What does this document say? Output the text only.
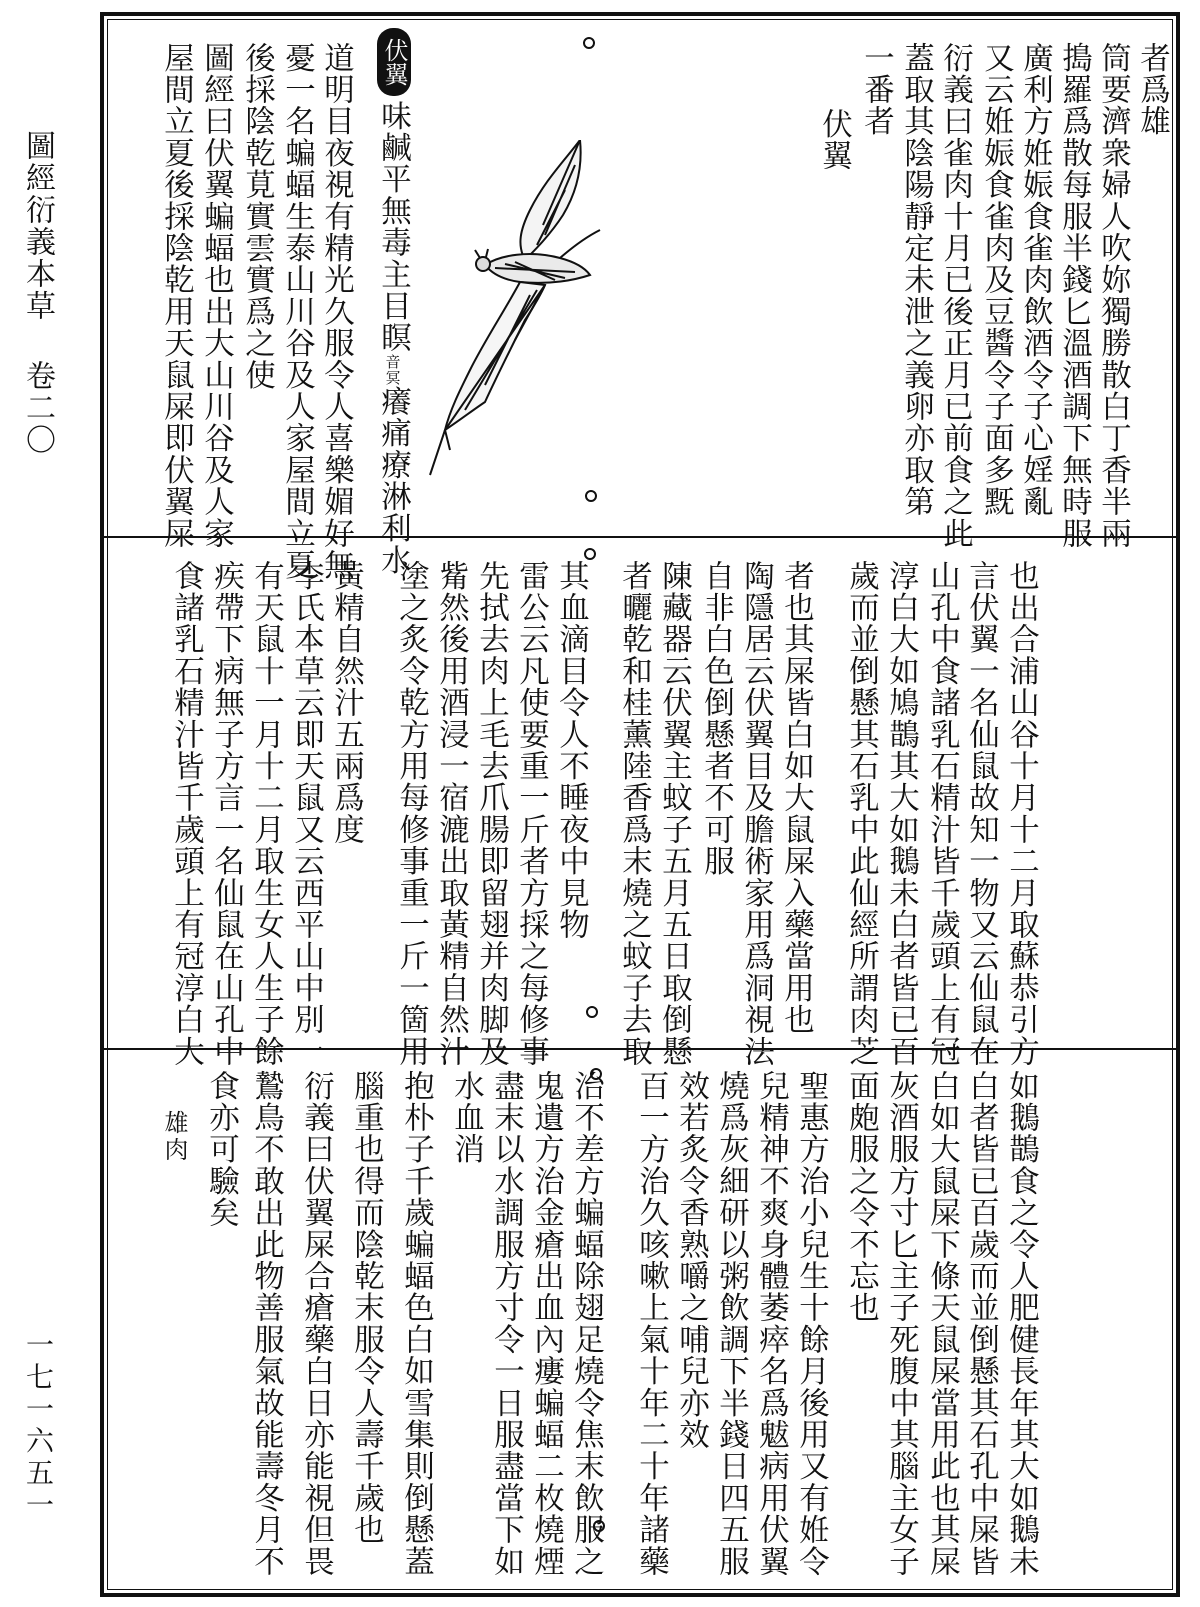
圖經衍義本草
卷二〇
一七一六五一
者爲雄
筒要濟衆婦人吹妳獨勝散白丁香半兩
搗羅爲散每服半錢匕溫酒調下無時服
廣利方姙娠食雀肉飲酒令子心婬亂
又云姙娠食雀肉及豆醬令子面多黖
衍義曰雀肉十月已後正月已前食之此
蓋取其陰陽靜定未泄之義卵亦取第
一番者
伏翼
伏翼
味鹹平無毒主目瞑音冥癢痛療淋利水
道明目夜視有精光久服令人喜樂媚好無
憂一名蝙蝠生泰山川谷及人家屋間立夏
後採陰乾莧實雲實爲之使
圖經曰伏翼蝙蝠也出大山川谷及人家
屋間立夏後採陰乾用天鼠屎即伏翼屎
也出合浦山谷十月十二月取蘇恭引方
言伏翼一名仙鼠故知一物又云仙鼠在
山孔中食諸乳石精汁皆千歲頭上有冠
淳白大如鳩鵲其大如鵝未白者皆已百
歲而並倒懸其石乳中此仙經所謂肉芝
者也其屎皆白如大鼠屎入藥當用也
陶隱居云伏翼目及膽術家用爲洞視法
自非白色倒懸者不可服
陳藏器云伏翼主蚊子五月五日取倒懸
者曬乾和桂薰陸香爲末燒之蚊子去取
其血滴目令人不睡夜中見物
雷公云凡使要重一斤者方採之每修事
先拭去肉上毛去爪腸即留翅并肉脚及
觜然後用酒浸一宿漉出取黃精自然汁
塗之炙令乾方用每修事重一斤一箇用
黃精自然汁五兩爲度
李氏本草云即天鼠又云西平山中別一
有天鼠十一月十二月取生女人生子餘
疾帶下病無子方言一名仙鼠在山孔中
食諸乳石精汁皆千歲頭上有冠淳白大
如鵝鵲食之令人肥健長年其大如鵝未
白者皆已百歲而並倒懸其石孔中屎皆
白如大鼠屎下條天鼠屎當用此也其屎
灰酒服方寸匕主子死腹中其腦主女子
面皰服之令不忘也
聖惠方治小兒生十餘月後用又有姙令
兒精神不爽身體萎瘁名爲魃病用伏翼
燒爲灰細研以粥飲調下半錢日四五服
效若炙令香熟嚼之哺兒亦效
百一方治久咳嗽上氣十年二十年諸藥
治不差方蝙蝠除翅足燒令焦末飲服之
鬼遺方治金瘡出血內瘻蝙蝠二枚燒煙
盡末以水調服方寸令一日服盡當下如
水血消
抱朴子千歲蝙蝠色白如雪集則倒懸蓋
腦重也得而陰乾末服令人壽千歲也
衍義曰伏翼屎合瘡藥白日亦能視但畏
鷙鳥不敢出此物善服氣故能壽冬月不
食亦可驗矣
雄肉
